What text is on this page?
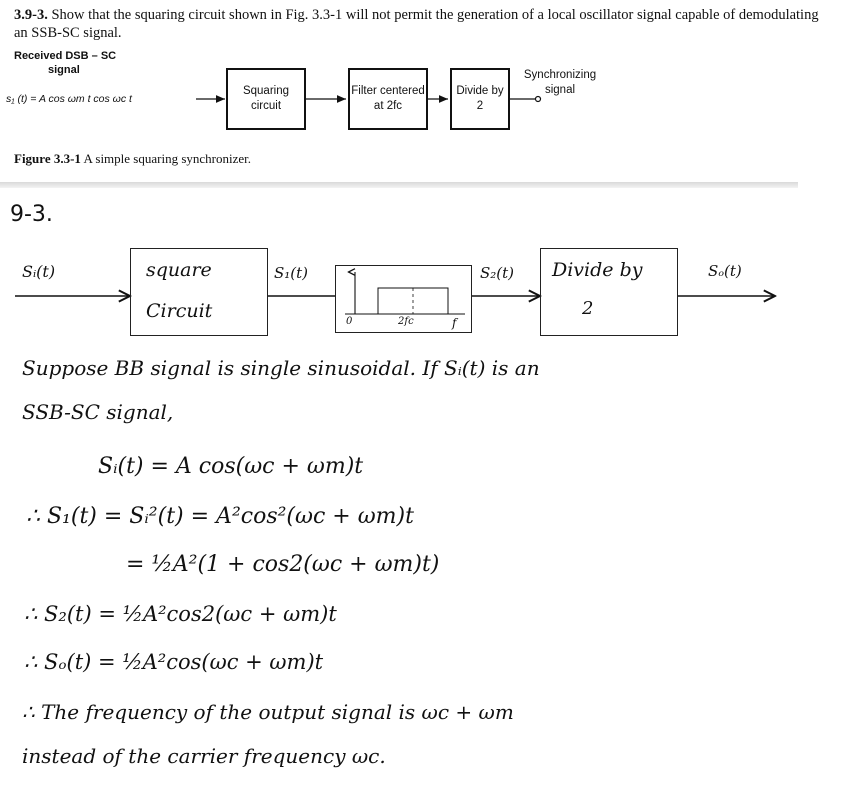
3.9-3. Show that the squaring circuit shown in Fig. 3.3-1 will not permit the generation of a local oscillator signal capable of demodulating an SSB-SC signal.
Received DSB – SC
signal
s₁ (t) = A cos ωm t cos ωc t
Squaring circuit
Filter centered at 2fc
Divide by 2
Synchronizing signal
Figure 3.3-1 A simple squaring synchronizer.
9-3.
Sᵢ(t)	square
Circuit
S₁(t)
0	2fc	f
S₂(t) Divide by
2
Sₒ(t)
Suppose BB signal is single sinusoidal. If Sᵢ(t) is an
SSB-SC signal,
Sᵢ(t) = A cos(ωc + ωm)t
∴ S₁(t) = Sᵢ²(t) = A²cos²(ωc + ωm)t
= ½A²(1 + cos2(ωc + ωm)t)
∴ S₂(t) = ½A²cos2(ωc + ωm)t
∴ Sₒ(t) = ½A²cos(ωc + ωm)t
∴ The frequency of the output signal is ωc + ωm
instead of the carrier frequency ωc.
